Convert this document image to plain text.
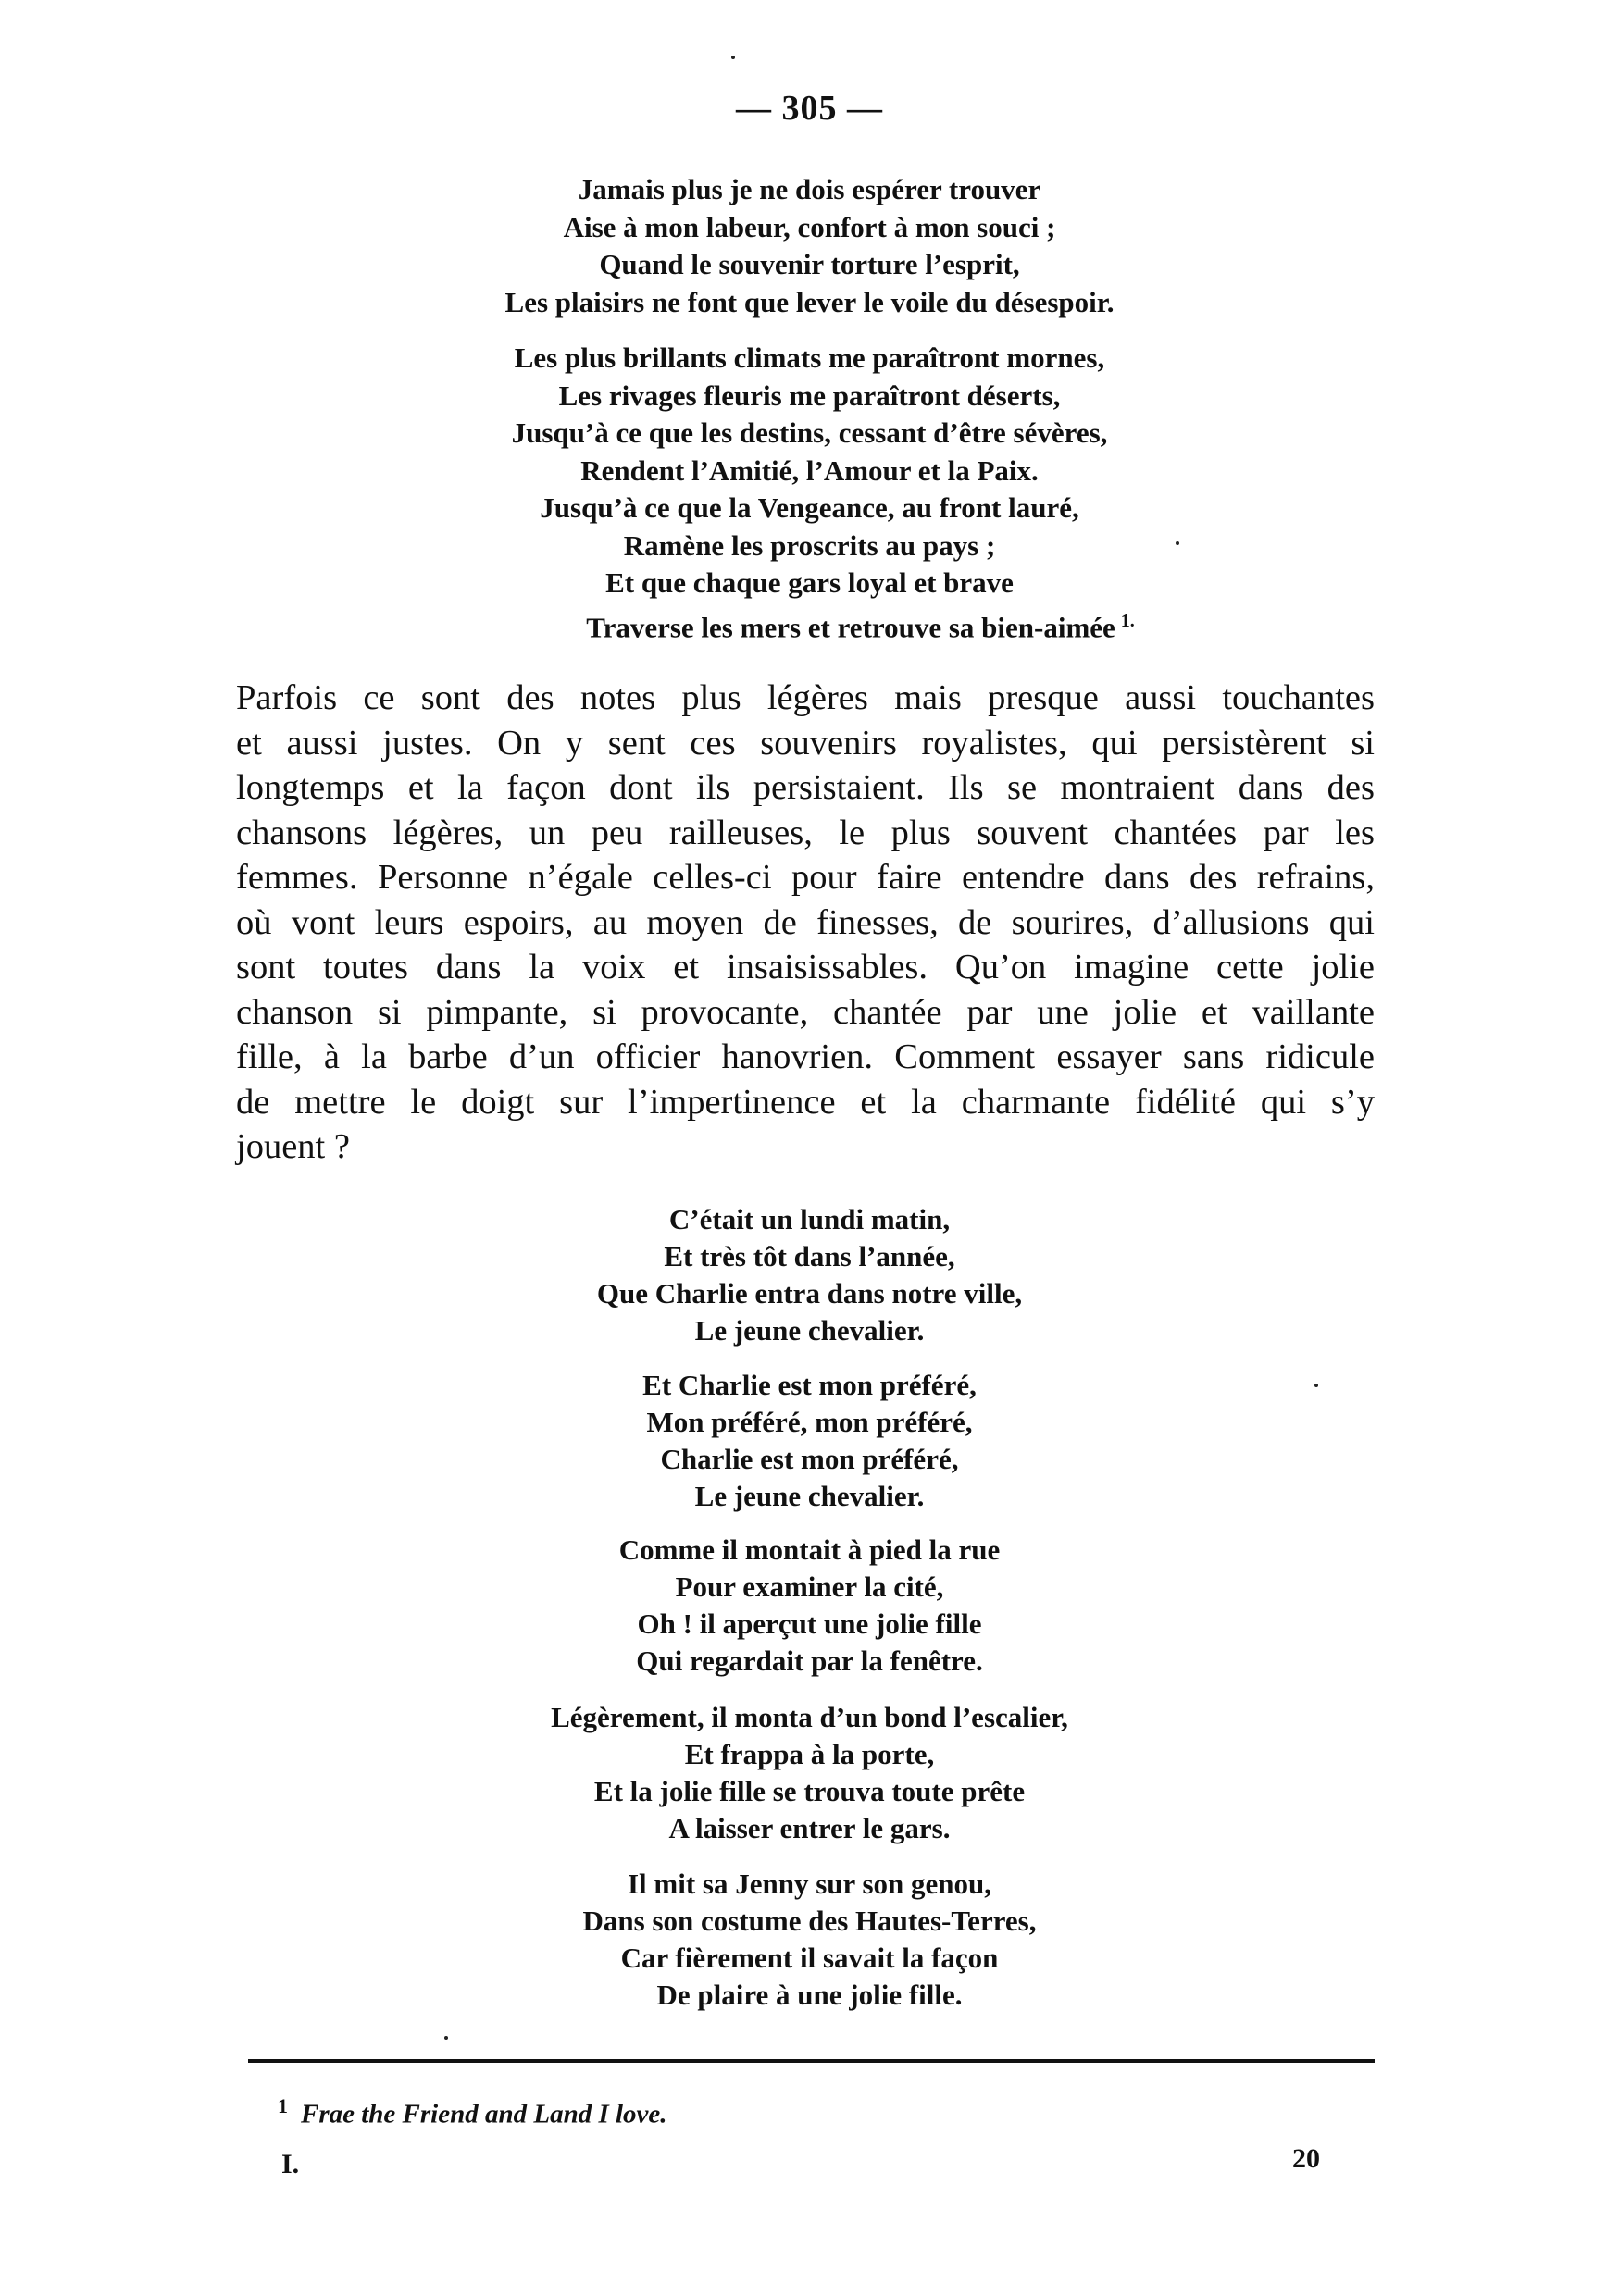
— 305 —
Jamais plus je ne dois espérer trouver
Aise à mon labeur, confort à mon souci ;
Quand le souvenir torture l’esprit,
Les plaisirs ne font que lever le voile du désespoir.
Les plus brillants climats me paraîtront mornes,
Les rivages fleuris me paraîtront déserts,
Jusqu’à ce que les destins, cessant d’être sévères,
Rendent l’Amitié, l’Amour et la Paix.
Jusqu’à ce que la Vengeance, au front lauré,
Ramène les proscrits au pays ;
Et que chaque gars loyal et brave
Traverse les mers et retrouve sa bien-aimée $^{1.}$
Parfois ce sont des notes plus légères mais presque aussi touchantes
et aussi justes. On y sent ces souvenirs royalistes, qui persistèrent si
longtemps et la façon dont ils persistaient. Ils se montraient dans des
chansons légères, un peu railleuses, le plus souvent chantées par les
femmes. Personne n’égale celles-ci pour faire entendre dans des refrains,
où vont leurs espoirs, au moyen de finesses, de sourires, d’allusions qui
sont toutes dans la voix et insaisissables. Qu’on imagine cette jolie
chanson si pimpante, si provocante, chantée par une jolie et vaillante
fille, à la barbe d’un officier hanovrien. Comment essayer sans ridicule
de mettre le doigt sur l’impertinence et la charmante fidélité qui s’y
jouent ?
C’était un lundi matin,
Et très tôt dans l’année,
Que Charlie entra dans notre ville,
Le jeune chevalier.
Et Charlie est mon préféré,
Mon préféré, mon préféré,
Charlie est mon préféré,
Le jeune chevalier.
Comme il montait à pied la rue
Pour examiner la cité,
Oh ! il aperçut une jolie fille
Qui regardait par la fenêtre.
Légèrement, il monta d’un bond l’escalier,
Et frappa à la porte,
Et la jolie fille se trouva toute prête
A laisser entrer le gars.
Il mit sa Jenny sur son genou,
Dans son costume des Hautes-Terres,
Car fièrement il savait la façon
De plaire à une jolie fille.
$^1$ Frae the Friend and Land I love.
I.	20
